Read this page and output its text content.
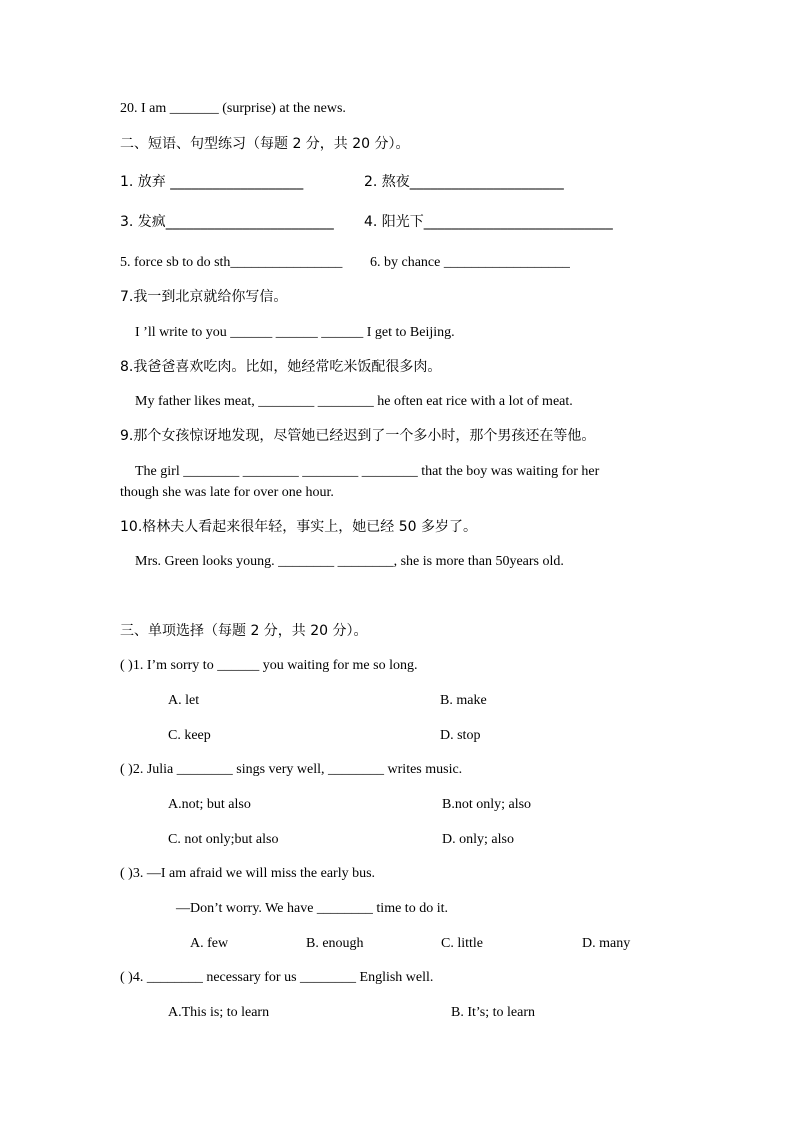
20. I am _______ (surprise) at the news.
二、短语、句型练习（每题 2 分，共 20 分）。
1. 放弃 ___________________	2. 熬夜______________________
3. 发疯________________________ 4. 阳光下___________________________
5. force sb to do sth________________ 6. by chance __________________
7.我一到北京就给你写信。
I ’ll write to you ______ ______ ______ I get to Beijing.
8.我爸爸喜欢吃肉。比如，她经常吃米饭配很多肉。
My father likes meat, ________ ________ he often eat rice with a lot of meat.
9.那个女孩惊讶地发现，尽管她已经迟到了一个多小时，那个男孩还在等他。
The girl ________ ________ ________ ________ that the boy was waiting for her
though she was late for over one hour.
10.格林夫人看起来很年轻，事实上，她已经 50 多岁了。
Mrs. Green looks young. ________ ________, she is more than 50years old.
三、单项选择（每题 2 分，共 20 分）。
( )1. I’m sorry to ______ you waiting for me so long.
A. let	B. make
C. keep	D. stop
( )2. Julia ________ sings very well, ________ writes music.
A.not; but also	B.not only; also
C. not only;but also	D. only; also
( )3. —I am afraid we will miss the early bus.
—Don’t worry. We have ________ time to do it.
A. few	B. enough	C. little	D. many
( )4. ________ necessary for us ________ English well.
A.This is; to learn	B. It’s; to learn
